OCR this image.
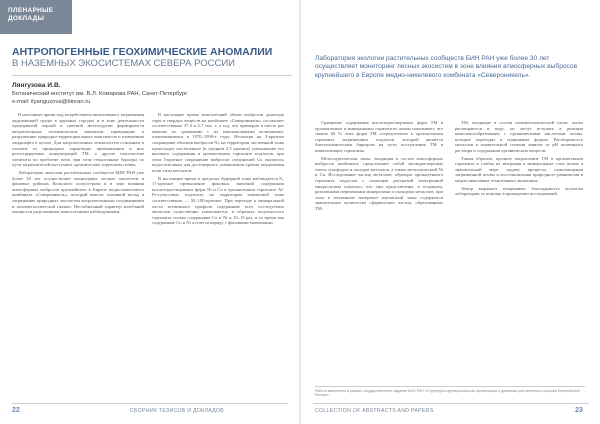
ПЛЕНАРНЫЕ
ДОКЛАДЫ
АНТРОПОГЕННЫЕ ГЕОХИМИЧЕСКИЕ АНОМАЛИИ
В НАЗЕМНЫХ ЭКОСИСТЕМАХ СЕВЕРА РОССИИ
Лянгузова И.В.
Ботанический институт им. В.Л. Комарова РАН, Санкт-Петербург
e-mail: ilyanguzova@binran.ru

В настоящее время под воздействием интенсивного загрязнения окружающей среды в крупных городах и в зоне деятельности предприятий черной и цветной металлургии формируются антропогенные геохимические аномалии, приводящие к разрушению природно-территориальных комплексов и изменению ландшафта в целом. Для антропогенных техносистем основным и отличие от природных характерно превышением в них регистрируемых концентраций ТМ, а другие токсические элементы по проблеме почв, при этом техногенные барьеры по пути загрязнителей выступают органические горизонты почвы.

Лаборатория экологии растительных сообществ БИН РАН уже более 30 лет осуществляет мониторинг лесных экосистем в фоновых районах Кольского полуострова и в зоне влияния атмосферных выбросов крупнейшего в Европе медно-никелевого комбината «Североникель», который вносит основной вклад в загрязнение природных экосистем антропогенными соединениями и полиметаллической пылью. Нестабильный характер колебаний мощности ряда выявлен многолетними наблюдениями.

В настоящее время многолетний объем выбросов диоксида серы и твердых веществ на комбинате «Североникель» составляет соответственно 37,3 и 2,7 тыс. т, а год, что примерно в шесть раз меньше по сравнению с их максимальными величинами, отмечавшимися в 1970–1990-е годы. Несмотря на 3-кратное сокращение объемов выбросов Ni, на территории лиственной зоны происходит постепенное (в среднем 2,5 кратное) уменьшение его валового содержания в органогенном горизонте подзолов, при этом 3-кратное сокращение выбросов соединений Cu оказалось недостаточным для достоверного уменьшения уровня загрязнения почв этим металлом.

В настоящее время в пределах буферной зоны наблюдается 8–17-кратное превышение фоновых значений содержания кислоторастворимых форм Ni и Cu в органогенном горизонте Al-Fe-гумусовых подзолов, на территории импактной зоны соответственно — 50–100-кратное. При переходе к минеральной части почвенного профиля содержание всех исследуемых металлов существенно уменьшается: в образцах подзолистого горизонта только содержание Cu и Ni и 10–15 раз, в то время как содержание Co и Ni остается наряду с фоновыми значениями.

22	СБОРНИК ТЕЗИСОВ И ДОКЛАДОВ
Лаборатория экологии растительных сообществ БИН РАН уже более 30 лет осуществляет мониторинг лесных экосистем в зоне влияния атмосферных выбросов крупнейшего в Европе медно-никелевого комбината «Североникель».

Сравнение содержания кислоторастворимых форм ТМ в органогенном и минеральных горизонтах почвы показывает, что свыше 60 % этих форм ТМ сосредоточено в органогенном горизонте загрязненных подзолов, который является биогеохимическим барьером на пути поступления ТМ в нижележащие горизонты.

Металлургическая пыль, входящая в состав атмосферных выбросов комбината, представляет собой мелкодисперсные смеси сульфидов и оксидов металлов, а также металлический Ni и Cu. Исследование частиц металлов, образцов органогенного горизонта подзолов с помощью растровой электронной микроскопии показало, что они представлены, в основном, различными первичными минералами и оксидами металлов, при этом в почвенном материале импактной зоны содержится значительное количество сферических частиц, образованных ТМ.

ТМ, входящие в состав полиметаллической пыли, плохо растворяются в воде, но могут вступать в реакции комплексообразования с органическими кислотами почвы, которые переходят в подвижные формы. Растворимость металлов в значительной степени зависит от pH почвенного раствора и содержания органических веществ.

Таким образом, прочное закрепление ТМ в органогенном горизонте и слабая их миграция в минеральные слои почвы в значительной мере задают процессы самоочищения загрязненной почвы и восстановления природного равновесия в медно-никелевых техногенных аномалиях.

Автор выражает искреннюю благодарность коллегам лаборатории за помощь в проведении исследований.

Работа выполнена в рамках государственного задания БИН РАН «Структурно-функциональная организация и динамика растительного покрова Европейской России».
COLLECTION OF ABSTRACTS AND PAPERS	23
